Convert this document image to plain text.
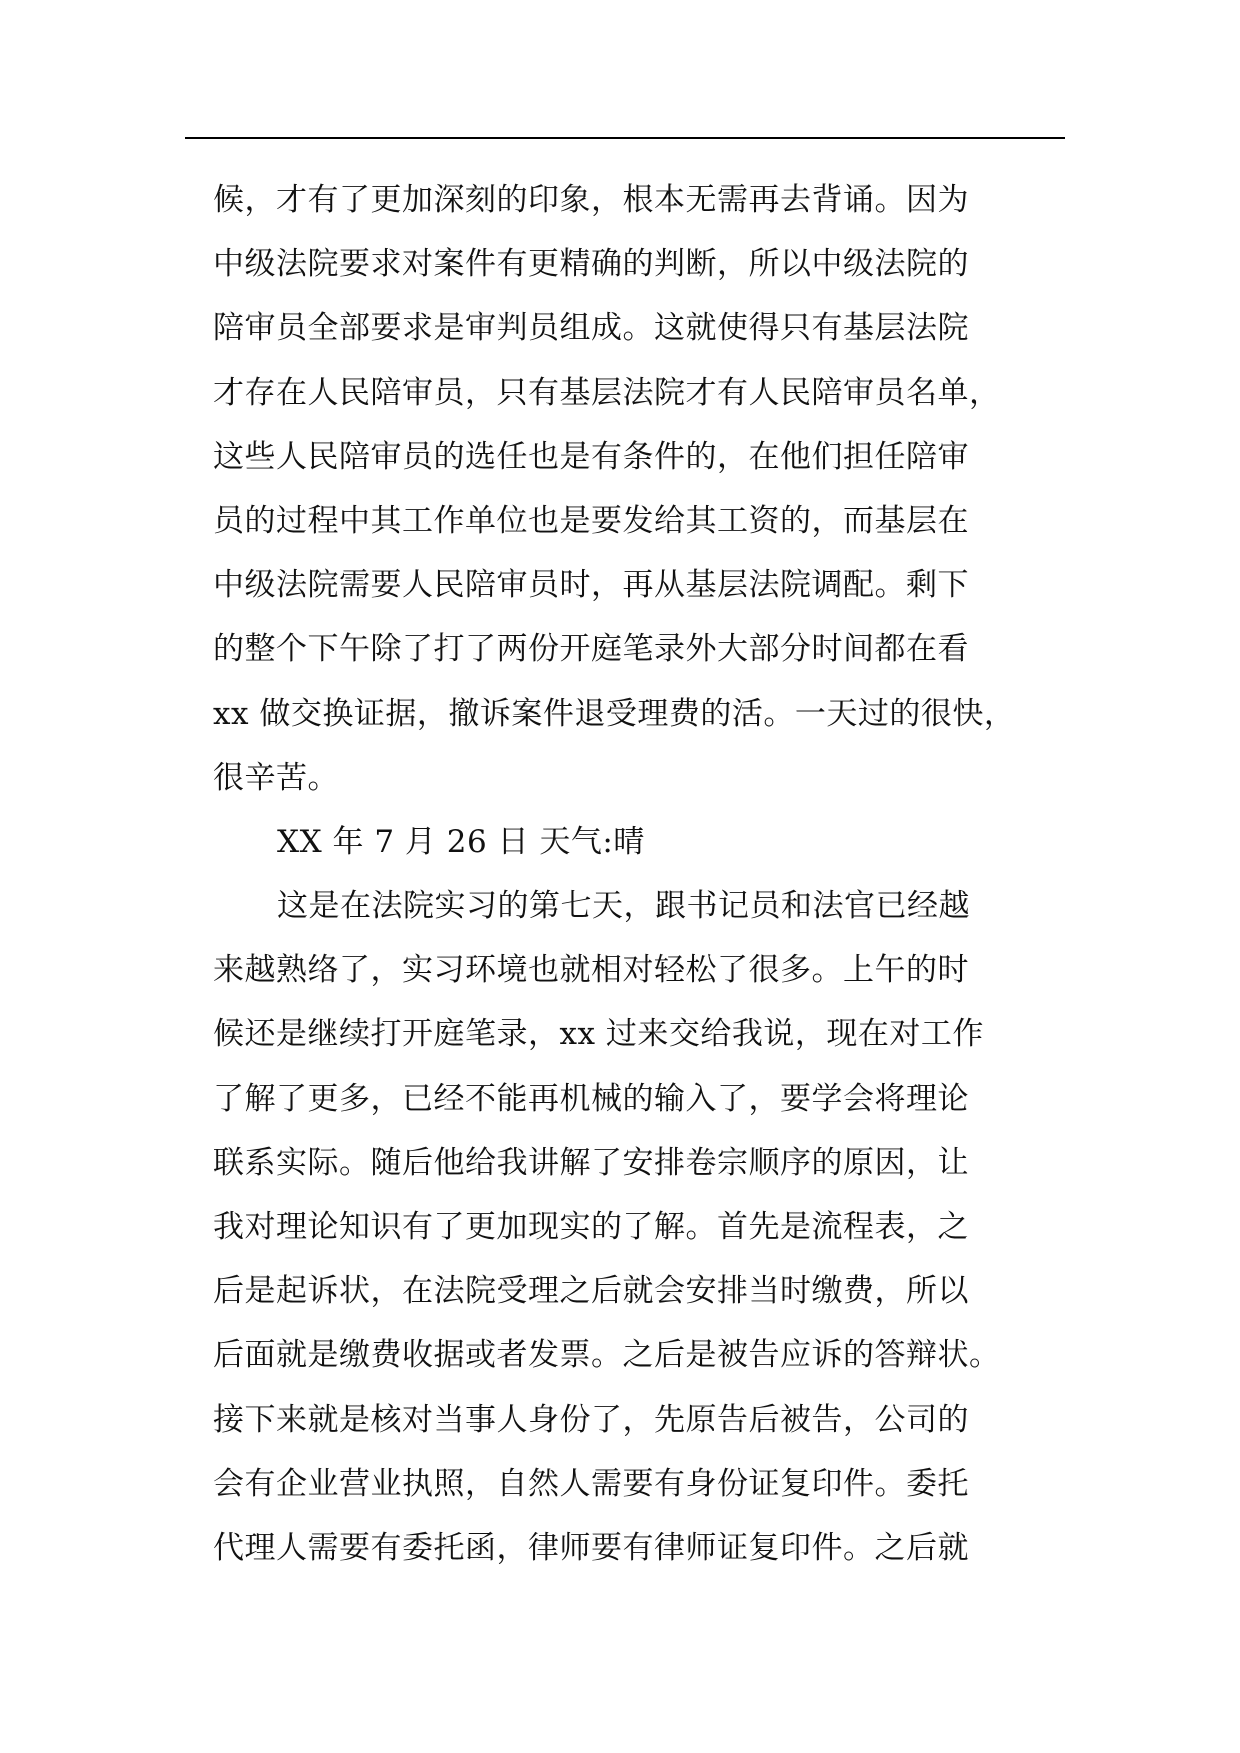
候，才有了更加深刻的印象，根本无需再去背诵。因为
中级法院要求对案件有更精确的判断，所以中级法院的
陪审员全部要求是审判员组成。这就使得只有基层法院
才存在人民陪审员，只有基层法院才有人民陪审员名单，
这些人民陪审员的选任也是有条件的，在他们担任陪审
员的过程中其工作单位也是要发给其工资的，而基层在
中级法院需要人民陪审员时，再从基层法院调配。剩下
的整个下午除了打了两份开庭笔录外大部分时间都在看
xx 做交换证据，撤诉案件退受理费的活。一天过的很快，
很辛苦。
XX 年 7 月 26 日 天气:晴
这是在法院实习的第七天，跟书记员和法官已经越
来越熟络了，实习环境也就相对轻松了很多。上午的时
候还是继续打开庭笔录，xx 过来交给我说，现在对工作
了解了更多，已经不能再机械的输入了，要学会将理论
联系实际。随后他给我讲解了安排卷宗顺序的原因，让
我对理论知识有了更加现实的了解。首先是流程表，之
后是起诉状，在法院受理之后就会安排当时缴费，所以
后面就是缴费收据或者发票。之后是被告应诉的答辩状。
接下来就是核对当事人身份了，先原告后被告，公司的
会有企业营业执照，自然人需要有身份证复印件。委托
代理人需要有委托函，律师要有律师证复印件。之后就
